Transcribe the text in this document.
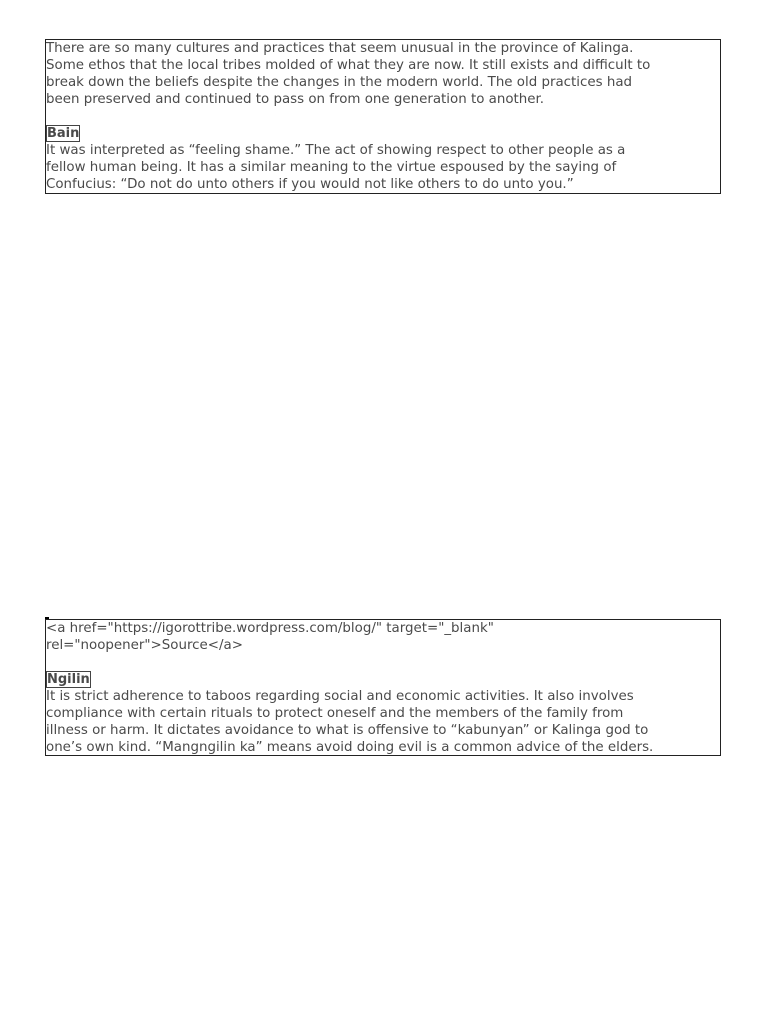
There are so many cultures and practices that seem unusual in the province of Kalinga.

Some ethos that the local tribes molded of what they are now. It still exists and difficult to

break down the beliefs despite the changes in the modern world. The old practices had

been preserved and continued to pass on from one generation to another.

Bain

It was interpreted as “feeling shame.” The act of showing respect to other people as a

fellow human being. It has a similar meaning to the virtue espoused by the saying of

Confucius: “Do not do unto others if you would not like others to do unto you.”

<a href="https://igorottribe.wordpress.com/blog/" target="_blank"

rel="noopener">Source</a>

Ngilin

It is strict adherence to taboos regarding social and economic activities. It also involves

compliance with certain rituals to protect oneself and the members of the family from

illness or harm. It dictates avoidance to what is offensive to “kabunyan” or Kalinga god to

one’s own kind. “Mangngilin ka” means avoid doing evil is a common advice of the elders.
